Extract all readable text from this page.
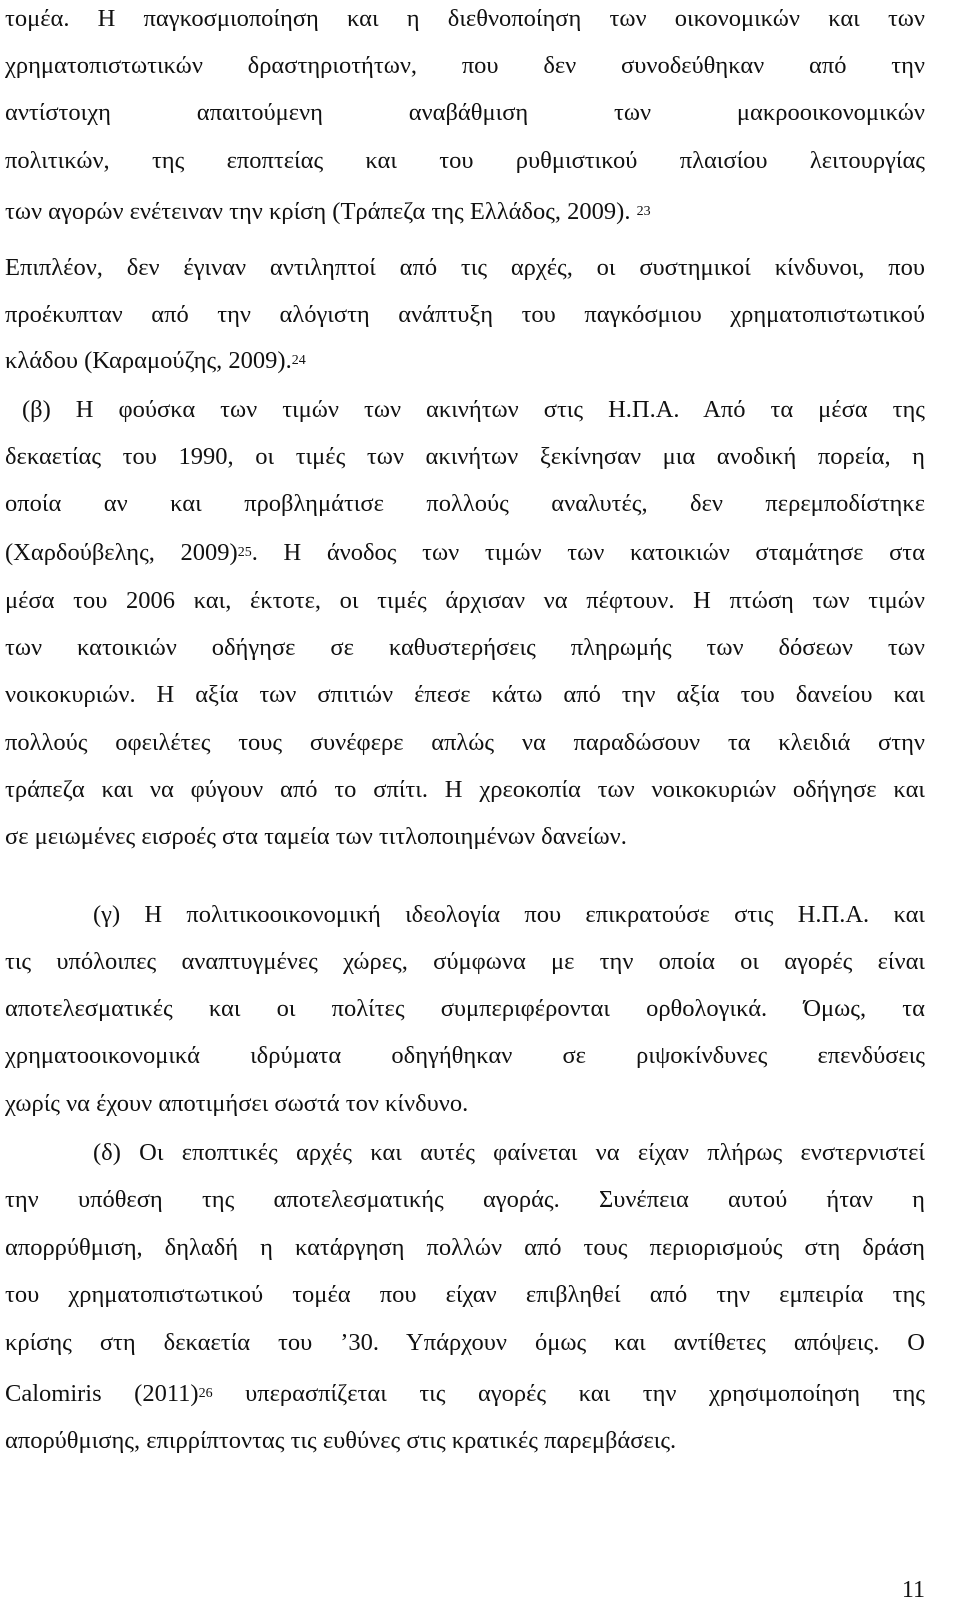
τομέα. Η παγκοσμιοποίηση και η διεθνοποίηση των οικονομικών και των
χρηματοπιστωτικών δραστηριοτήτων, που δεν συνοδεύθηκαν από την
αντίστοιχη απαιτούμενη αναβάθμιση των μακροοικονομικών
πολιτικών, της εποπτείας και του ρυθμιστικού πλαισίου λειτουργίας
των αγορών ενέτειναν την κρίση (Τράπεζα της Ελλάδος, 2009). $^{23}$
Επιπλέον, δεν έγιναν αντιληπτοί από τις αρχές, οι συστημικοί κίνδυνοι, που
προέκυπταν από την αλόγιστη ανάπτυξη του παγκόσμιου χρηματοπιστωτικού
κλάδου (Καραμούζης, 2009).$^{24}$
(β) Η φούσκα των τιμών των ακινήτων στις Η.Π.Α. Από τα μέσα της
δεκαετίας του 1990, οι τιμές των ακινήτων ξεκίνησαν μια ανοδική πορεία, η
οποία αν και προβλημάτισε πολλούς αναλυτές, δεν περεμποδίστηκε
(Χαρδούβελης, 2009)$^{25}$. Η άνοδος των τιμών των κατοικιών σταμάτησε στα
μέσα του 2006 και, έκτοτε, οι τιμές άρχισαν να πέφτουν. Η πτώση των τιμών
των κατοικιών οδήγησε σε καθυστερήσεις πληρωμής των δόσεων των
νοικοκυριών. Η αξία των σπιτιών έπεσε κάτω από την αξία του δανείου και
πολλούς οφειλέτες τους συνέφερε απλώς να παραδώσουν τα κλειδιά στην
τράπεζα και να φύγουν από το σπίτι. Η χρεοκοπία των νοικοκυριών οδήγησε και
σε μειωμένες εισροές στα ταμεία των τιτλοποιημένων δανείων.
(γ) Η πολιτικοοικονομική ιδεολογία που επικρατούσε στις Η.Π.Α. και
τις υπόλοιπες αναπτυγμένες χώρες, σύμφωνα με την οποία οι αγορές είναι
αποτελεσματικές και οι πολίτες συμπεριφέρονται ορθολογικά. Όμως, τα
χρηματοοικονομικά ιδρύματα οδηγήθηκαν σε ριψοκίνδυνες επενδύσεις
χωρίς να έχουν αποτιμήσει σωστά τον κίνδυνο.
(δ) Οι εποπτικές αρχές και αυτές φαίνεται να είχαν πλήρως ενστερνιστεί
την υπόθεση της αποτελεσματικής αγοράς. Συνέπεια αυτού ήταν η
απορρύθμιση, δηλαδή η κατάργηση πολλών από τους περιορισμούς στη δράση
του χρηματοπιστωτικού τομέα που είχαν επιβληθεί από την εμπειρία της
κρίσης στη δεκαετία του ’30. Υπάρχουν όμως και αντίθετες απόψεις. Ο
Calomiris $(2011)^{26}$ υπερασπίζεται τις αγορές και την χρησιμοποίηση της
απορύθμισης, επιρρίπτοντας τις ευθύνες στις κρατικές παρεμβάσεις.
11
